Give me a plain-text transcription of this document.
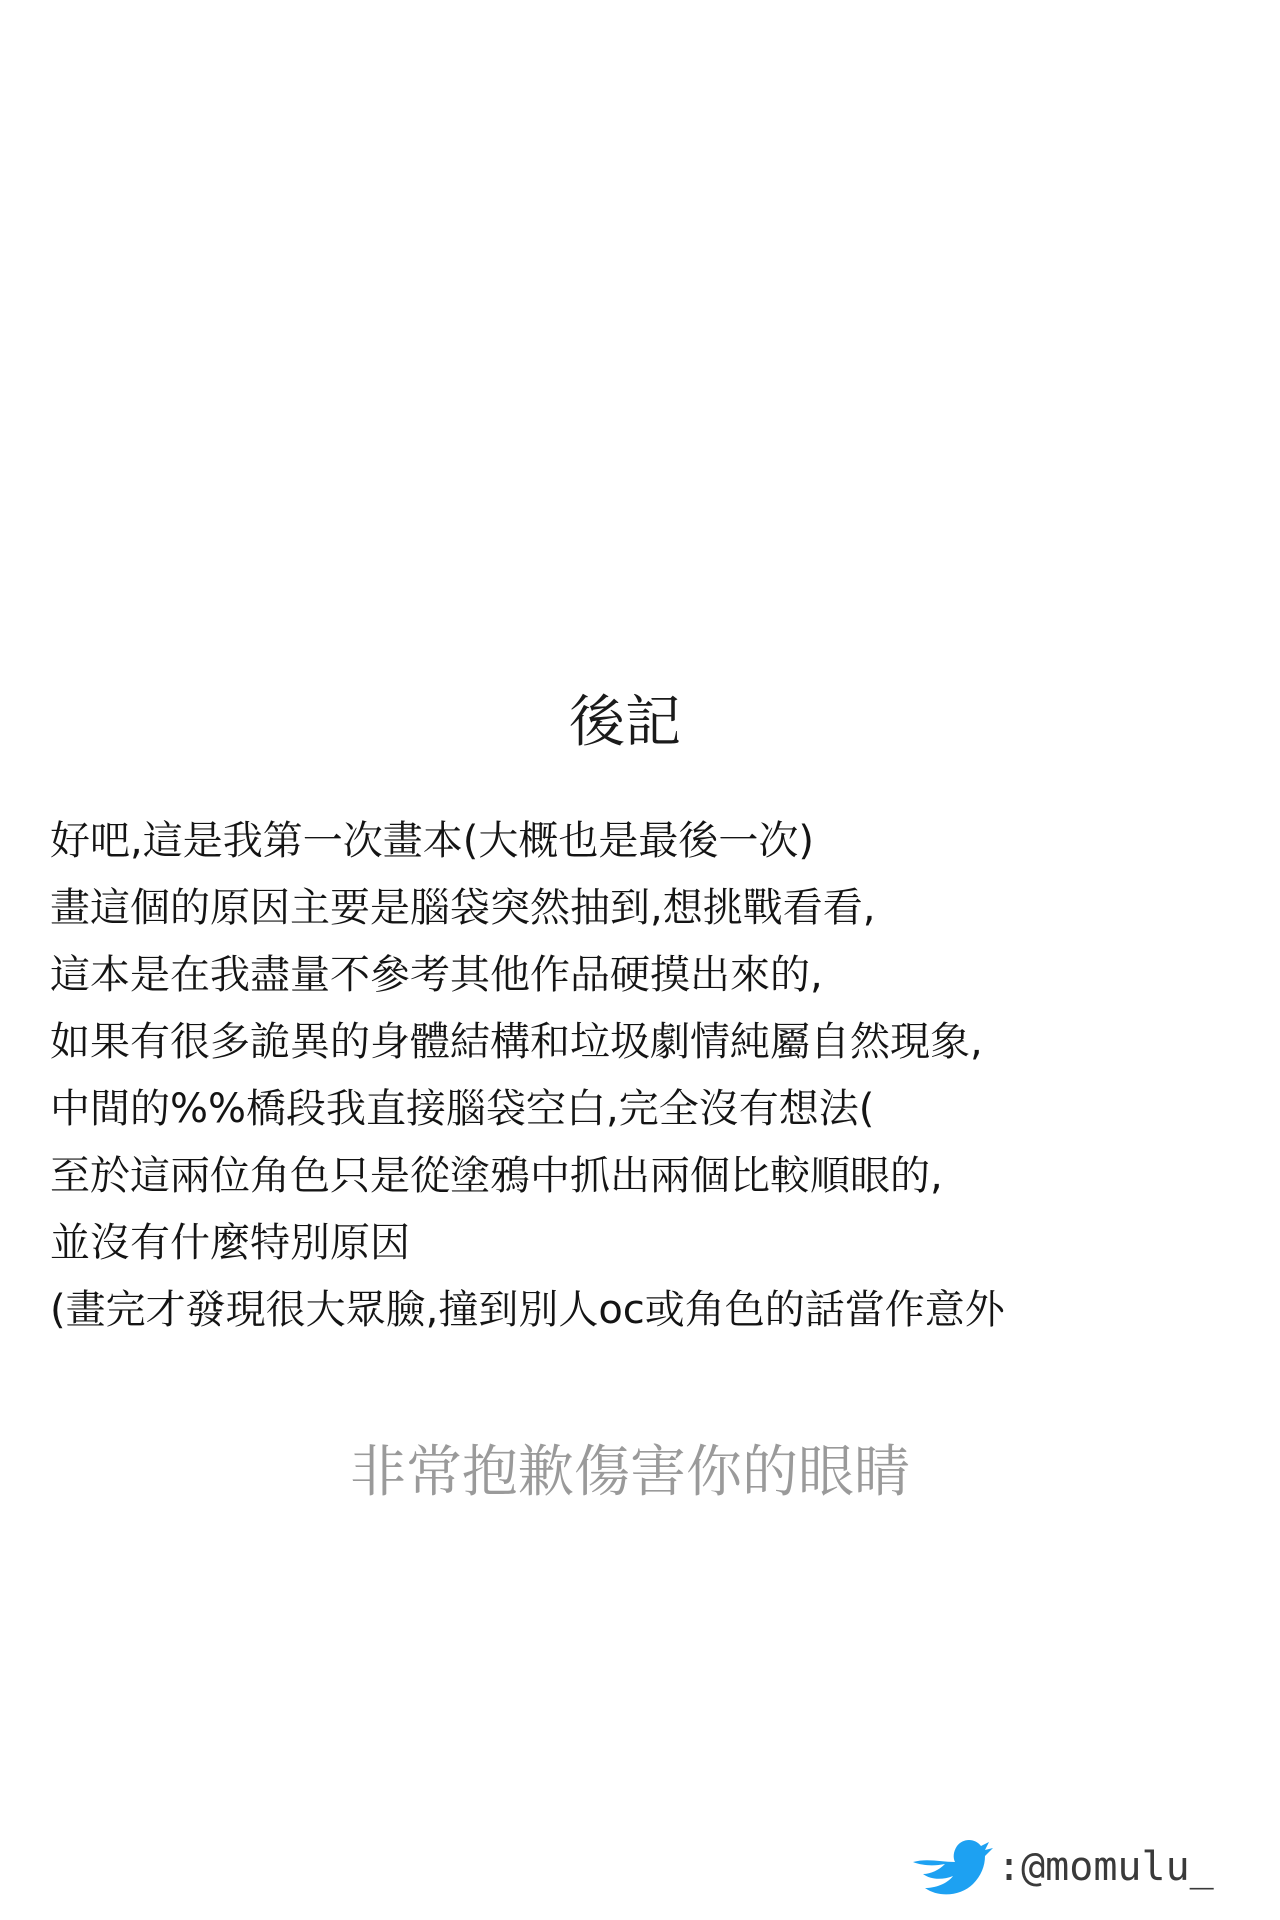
後記
好吧,這是我第一次畫本(大概也是最後一次)
畫這個的原因主要是腦袋突然抽到,想挑戰看看,
這本是在我盡量不參考其他作品硬摸出來的,
如果有很多詭異的身體結構和垃圾劇情純屬自然現象,
中間的%%橋段我直接腦袋空白,完全沒有想法(
至於這兩位角色只是從塗鴉中抓出兩個比較順眼的,
並沒有什麼特別原因
(畫完才發現很大眾臉,撞到別人oc或角色的話當作意外
非常抱歉傷害你的眼睛
:@momulu_
